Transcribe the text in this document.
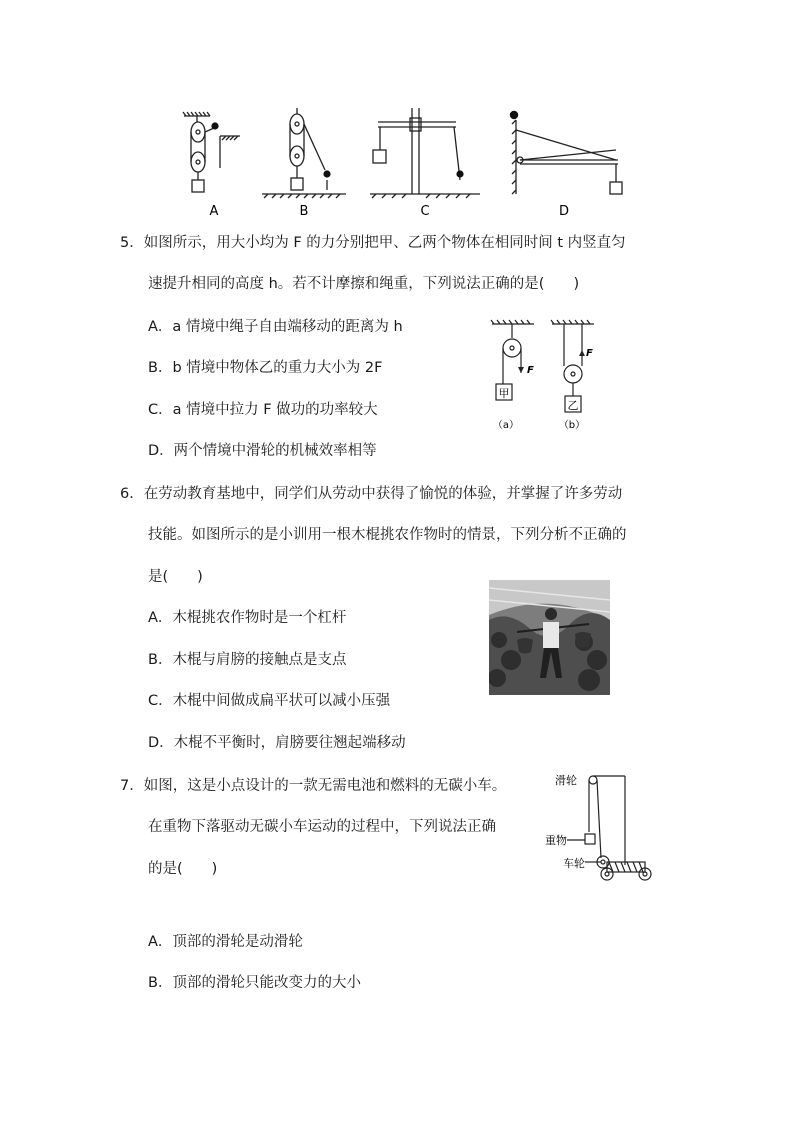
A	B	C	D
5．如图所示，用大小均为 F 的力分别把甲、乙两个物体在相同时间 t 内竖直匀
速提升相同的高度 h。若不计摩擦和绳重，下列说法正确的是(　　)
A．a 情境中绳子自由端移动的距离为 h
B．b 情境中物体乙的重力大小为 2F
C．a 情境中拉力 F 做功的功率较大
D．两个情境中滑轮的机械效率相等
甲
乙
F
F
（a）	（b）
6．在劳动教育基地中，同学们从劳动中获得了愉悦的体验，并掌握了许多劳动
技能。如图所示的是小训用一根木棍挑农作物时的情景，下列分析不正确的
是(　　)
A．木棍挑农作物时是一个杠杆
B．木棍与肩膀的接触点是支点
C．木棍中间做成扁平状可以减小压强
D．木棍不平衡时，肩膀要往翘起端移动
7．如图，这是小点设计的一款无需电池和燃料的无碳小车。
在重物下落驱动无碳小车运动的过程中，下列说法正确
的是(　　)
A．顶部的滑轮是动滑轮
B．顶部的滑轮只能改变力的大小
滑轮
重物
车轮
